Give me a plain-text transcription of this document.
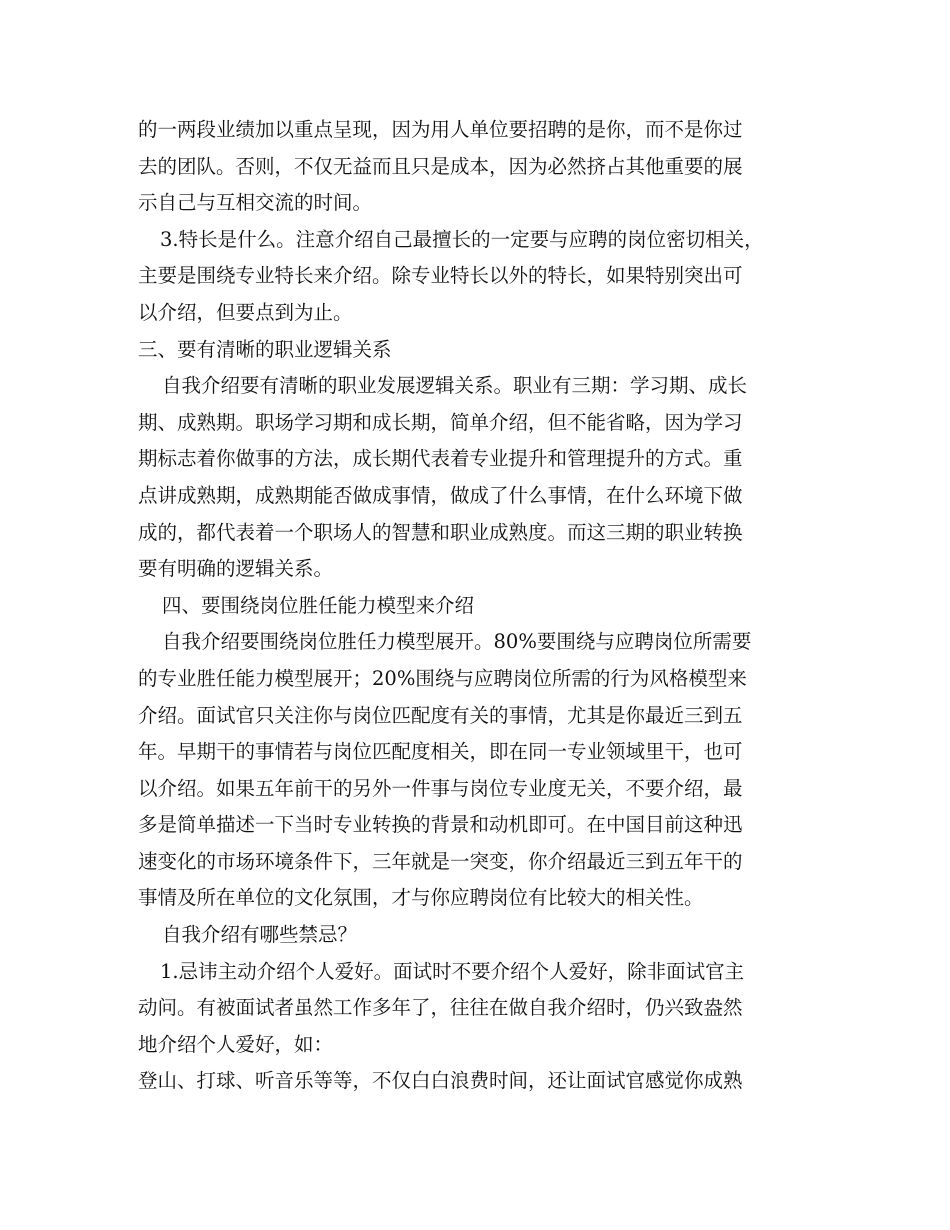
的一两段业绩加以重点呈现，因为用人单位要招聘的是你，而不是你过
去的团队。否则，不仅无益而且只是成本，因为必然挤占其他重要的展
示自己与互相交流的时间。
3.特长是什么。注意介绍自己最擅长的一定要与应聘的岗位密切相关，
主要是围绕专业特长来介绍。除专业特长以外的特长，如果特别突出可
以介绍，但要点到为止。
三、要有清晰的职业逻辑关系
自我介绍要有清晰的职业发展逻辑关系。职业有三期：学习期、成长
期、成熟期。职场学习期和成长期，简单介绍，但不能省略，因为学习
期标志着你做事的方法，成长期代表着专业提升和管理提升的方式。重
点讲成熟期，成熟期能否做成事情，做成了什么事情，在什么环境下做
成的，都代表着一个职场人的智慧和职业成熟度。而这三期的职业转换
要有明确的逻辑关系。
四、要围绕岗位胜任能力模型来介绍
自我介绍要围绕岗位胜任力模型展开。80%要围绕与应聘岗位所需要
的专业胜任能力模型展开；20%围绕与应聘岗位所需的行为风格模型来
介绍。面试官只关注你与岗位匹配度有关的事情，尤其是你最近三到五
年。早期干的事情若与岗位匹配度相关，即在同一专业领域里干，也可
以介绍。如果五年前干的另外一件事与岗位专业度无关，不要介绍，最
多是简单描述一下当时专业转换的背景和动机即可。在中国目前这种迅
速变化的市场环境条件下，三年就是一突变，你介绍最近三到五年干的
事情及所在单位的文化氛围，才与你应聘岗位有比较大的相关性。
自我介绍有哪些禁忌？
1.忌讳主动介绍个人爱好。面试时不要介绍个人爱好，除非面试官主
动问。有被面试者虽然工作多年了，往往在做自我介绍时，仍兴致盎然
地介绍个人爱好，如：
登山、打球、听音乐等等，不仅白白浪费时间，还让面试官感觉你成熟
